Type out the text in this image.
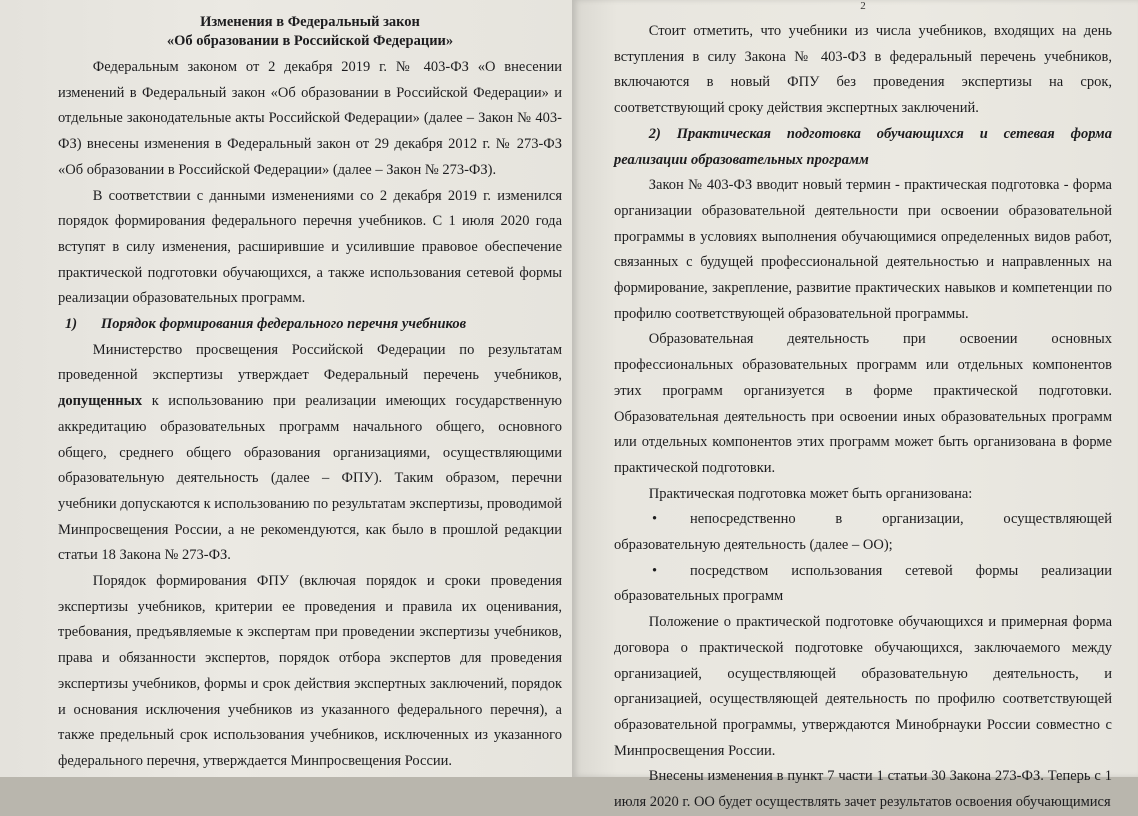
Изменения в Федеральный закон
«Об образовании в Российской Федерации»

Федеральным законом от 2 декабря 2019 г. № 403-ФЗ «О внесении изменений в Федеральный закон «Об образовании в Российской Федерации» и отдельные законодательные акты Российской Федерации» (далее – Закон № 403-ФЗ) внесены изменения в Федеральный закон от 29 декабря 2012 г. № 273-ФЗ «Об образовании в Российской Федерации» (далее – Закон № 273-ФЗ).

В соответствии с данными изменениями со 2 декабря 2019 г. изменился порядок формирования федерального перечня учебников. С 1 июля 2020 года вступят в силу изменения, расширившие и усилившие правовое обеспечение практической подготовки обучающихся, а также использования сетевой формы реализации образовательных программ.

1) Порядок формирования федерального перечня учебников

Министерство просвещения Российской Федерации по результатам проведенной экспертизы утверждает Федеральный перечень учебников, допущенных к использованию при реализации имеющих государственную аккредитацию образовательных программ начального общего, основного общего, среднего общего образования организациями, осуществляющими образовательную деятельность (далее – ФПУ). Таким образом, перечни учебники допускаются к использованию по результатам экспертизы, проводимой Минпросвещения России, а не рекомендуются, как было в прошлой редакции статьи 18 Закона № 273-ФЗ.

Порядок формирования ФПУ (включая порядок и сроки проведения экспертизы учебников, критерии ее проведения и правила их оценивания, требования, предъявляемые к экспертам при проведении экспертизы учебников, права и обязанности экспертов, порядок отбора экспертов для проведения экспертизы учебников, формы и срок действия экспертных заключений, порядок и основания исключения учебников из указанного федерального перечня), а также предельный срок использования учебников, исключенных из указанного федерального перечня, утверждается Минпросвещения России.

2

Стоит отметить, что учебники из числа учебников, входящих на день вступления в силу Закона № 403-ФЗ в федеральный перечень учебников, включаются в новый ФПУ без проведения экспертизы на срок, соответствующий сроку действия экспертных заключений.

2) Практическая подготовка обучающихся и сетевая форма

реализации образовательных программ

Закон № 403-ФЗ вводит новый термин - практическая подготовка - форма организации образовательной деятельности при освоении образовательной программы в условиях выполнения обучающимися определенных видов работ, связанных с будущей профессиональной деятельностью и направленных на формирование, закрепление, развитие практических навыков и компетенции по профилю соответствующей образовательной программы.

Образовательная деятельность при освоении основных профессиональных образовательных программ или отдельных компонентов этих программ организуется в форме практической подготовки. Образовательная деятельность при освоении иных образовательных программ или отдельных компонентов этих программ может быть организована в форме практической подготовки.

Практическая подготовка может быть организована:

• непосредственно в организации, осуществляющей образовательную деятельность (далее – ОО);

• посредством использования сетевой формы реализации образовательных программ

Положение о практической подготовке обучающихся и примерная форма договора о практической подготовке обучающихся, заключаемого между организацией, осуществляющей образовательную деятельность, и организацией, осуществляющей деятельность по профилю соответствующей образовательной программы, утверждаются Минобрнауки России совместно с Минпросвещения России.

Внесены изменения в пункт 7 части 1 статьи 30 Закона 273-ФЗ. Теперь с 1 июля 2020 г. ОО будет осуществлять зачет результатов освоения обучающимися
